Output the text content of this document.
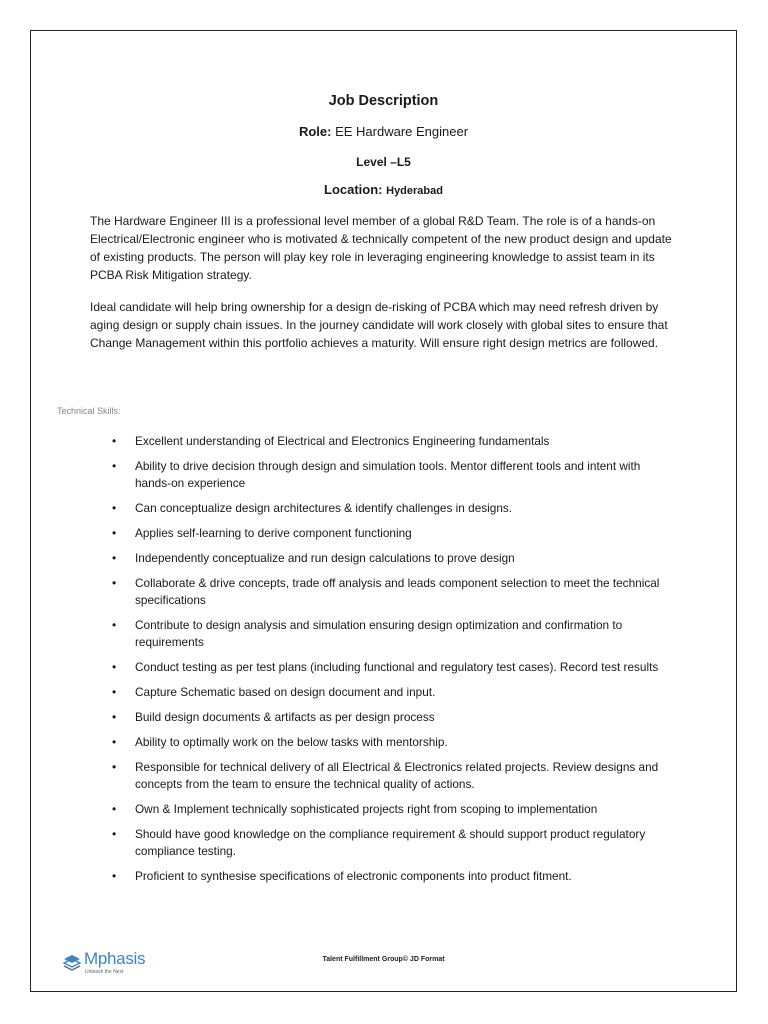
Job Description
Role: EE Hardware Engineer
Level –L5
Location: Hyderabad

The Hardware Engineer III is a professional level member of a global R&D Team. The role is of a hands-on Electrical/Electronic engineer who is motivated & technically competent of the new product design and update of existing products. The person will play key role in leveraging engineering knowledge to assist team in its PCBA Risk Mitigation strategy.

Ideal candidate will help bring ownership for a design de-risking of PCBA which may need refresh driven by aging design or supply chain issues. In the journey candidate will work closely with global sites to ensure that Change Management within this portfolio achieves a maturity. Will ensure right design metrics are followed.

Technical Skills:
• Excellent understanding of Electrical and Electronics Engineering fundamentals
• Ability to drive decision through design and simulation tools. Mentor different tools and intent with hands-on experience
• Can conceptualize design architectures & identify challenges in designs.
• Applies self-learning to derive component functioning
• Independently conceptualize and run design calculations to prove design
• Collaborate & drive concepts, trade off analysis and leads component selection to meet the technical specifications
• Contribute to design analysis and simulation ensuring design optimization and confirmation to requirements
• Conduct testing as per test plans (including functional and regulatory test cases). Record test results
• Capture Schematic based on design document and input.
• Build design documents & artifacts as per design process
• Ability to optimally work on the below tasks with mentorship.
• Responsible for technical delivery of all Electrical & Electronics related projects. Review designs and concepts from the team to ensure the technical quality of actions.
• Own & Implement technically sophisticated projects right from scoping to implementation
• Should have good knowledge on the compliance requirement & should support product regulatory compliance testing.
• Proficient to synthesise specifications of electronic components into product fitment.
Mphasis
Unleash the Next
Talent Fulfillment Group© JD Format
